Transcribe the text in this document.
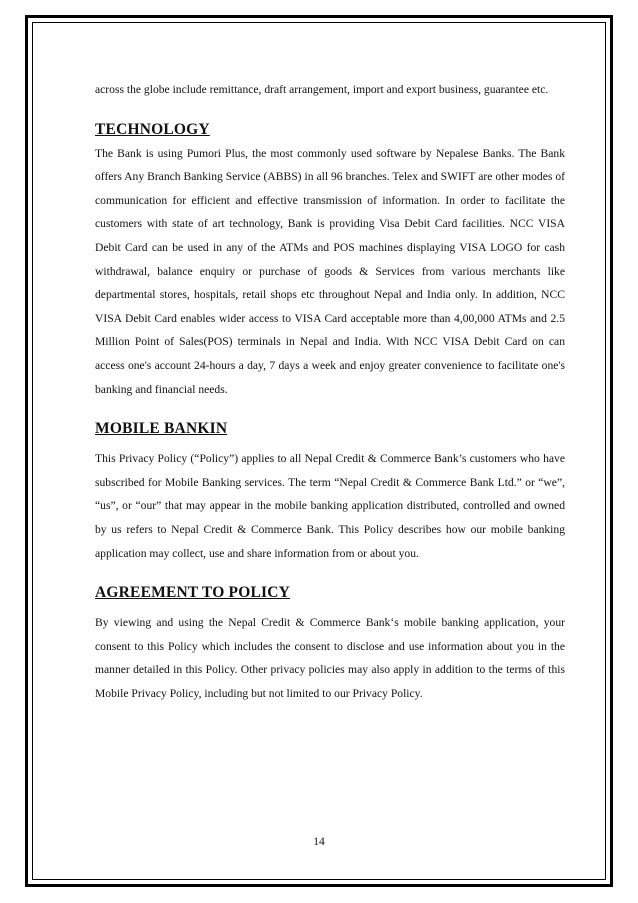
across the globe include remittance, draft arrangement, import and export business, guarantee etc.

TECHNOLOGY

The Bank is using Pumori Plus, the most commonly used software by Nepalese Banks. The Bank offers Any Branch Banking Service (ABBS) in all 96 branches. Telex and SWIFT are other modes of communication for efficient and effective transmission of information. In order to facilitate the customers with state of art technology, Bank is providing Visa Debit Card facilities. NCC VISA Debit Card can be used in any of the ATMs and POS machines displaying VISA LOGO for cash withdrawal, balance enquiry or purchase of goods & Services from various merchants like departmental stores, hospitals, retail shops etc throughout Nepal and India only. In addition, NCC VISA Debit Card enables wider access to VISA Card acceptable more than 4,00,000 ATMs and 2.5 Million Point of Sales(POS) terminals in Nepal and India. With NCC VISA Debit Card on can access one's account 24-hours a day, 7 days a week and enjoy greater convenience to facilitate one's banking and financial needs.

MOBILE BANKIN

This Privacy Policy (“Policy”) applies to all Nepal Credit & Commerce Bank’s customers who have subscribed for Mobile Banking services. The term “Nepal Credit & Commerce Bank Ltd.” or “we”, “us”, or “our” that may appear in the mobile banking application distributed, controlled and owned by us refers to Nepal Credit & Commerce Bank. This Policy describes how our mobile banking application may collect, use and share information from or about you.

AGREEMENT TO POLICY

By viewing and using the Nepal Credit & Commerce Bank‘s mobile banking application, your consent to this Policy which includes the consent to disclose and use information about you in the manner detailed in this Policy. Other privacy policies may also apply in addition to the terms of this Mobile Privacy Policy, including but not limited to our Privacy Policy.

14
